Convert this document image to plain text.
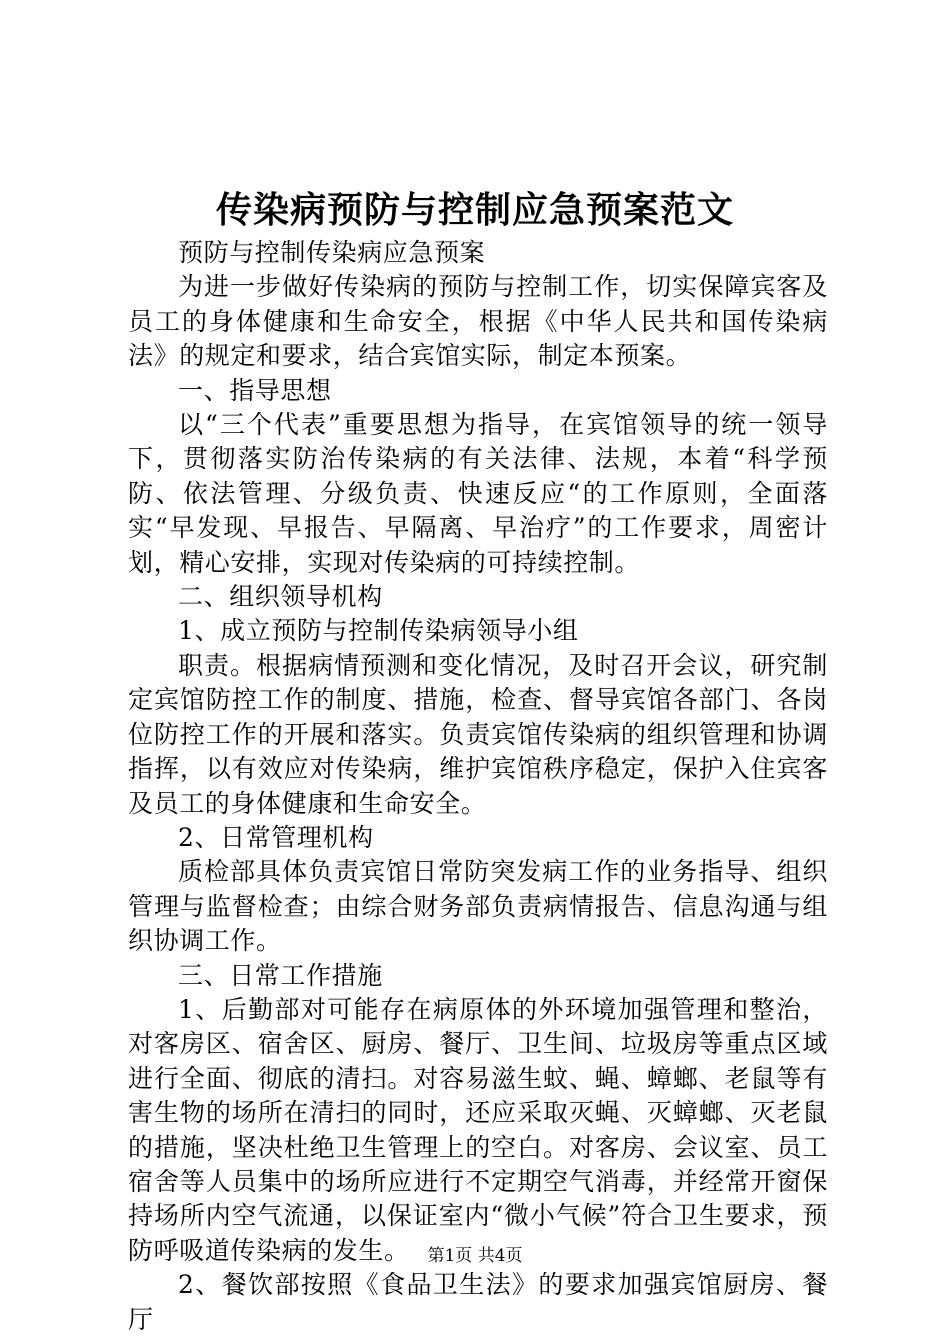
传染病预防与控制应急预案范文

预防与控制传染病应急预案

为进一步做好传染病的预防与控制工作，切实保障宾客及员工的身体健康和生命安全，根据《中华人民共和国传染病法》的规定和要求，结合宾馆实际，制定本预案。

一、指导思想

以“三个代表”重要思想为指导，在宾馆领导的统一领导下，贯彻落实防治传染病的有关法律、法规，本着“科学预防、依法管理、分级负责、快速反应“的工作原则，全面落实“早发现、早报告、早隔离、早治疗”的工作要求，周密计划，精心安排，实现对传染病的可持续控制。

二、组织领导机构

1、成立预防与控制传染病领导小组

职责。根据病情预测和变化情况，及时召开会议，研究制定宾馆防控工作的制度、措施，检查、督导宾馆各部门、各岗位防控工作的开展和落实。负责宾馆传染病的组织管理和协调指挥，以有效应对传染病，维护宾馆秩序稳定，保护入住宾客及员工的身体健康和生命安全。

2、日常管理机构

质检部具体负责宾馆日常防突发病工作的业务指导、组织管理与监督检查；由综合财务部负责病情报告、信息沟通与组织协调工作。

三、日常工作措施

1、后勤部对可能存在病原体的外环境加强管理和整治，对客房区、宿舍区、厨房、餐厅、卫生间、垃圾房等重点区域进行全面、彻底的清扫。对容易滋生蚊、蝇、蟑螂、老鼠等有害生物的场所在清扫的同时，还应采取灭蝇、灭蟑螂、灭老鼠的措施，坚决杜绝卫生管理上的空白。对客房、会议室、员工宿舍等人员集中的场所应进行不定期空气消毒，并经常开窗保持场所内空气流通，以保证室内“微小气候”符合卫生要求，预防呼吸道传染病的发生。

2、餐饮部按照《食品卫生法》的要求加强宾馆厨房、餐厅

第1页 共4页
